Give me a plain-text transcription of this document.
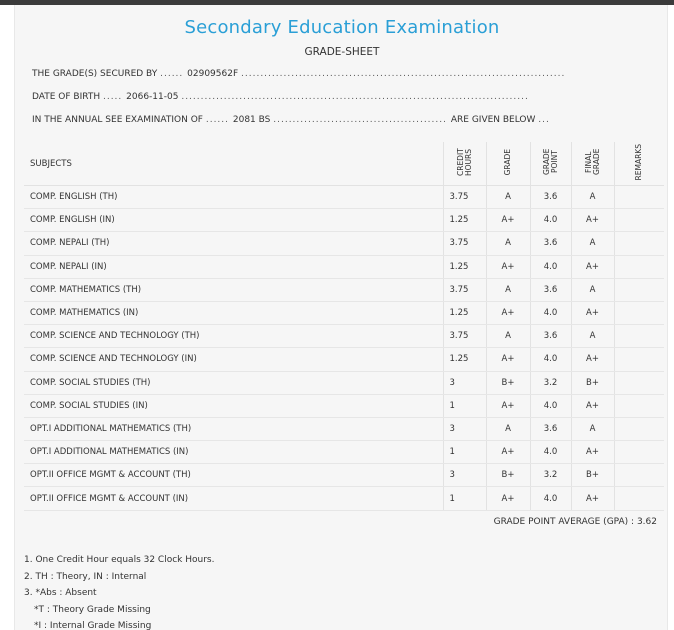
Secondary Education Examination
GRADE-SHEET
THE GRADE(S) SECURED BY ...... 02909562F ....................................................................................
DATE OF BIRTH ..... 2066-11-05 ..........................................................................................
IN THE ANNUAL SEE EXAMINATION OF ...... 2081 BS ............................................. ARE GIVEN BELOW ...
SUBJECTS	CREDIT HOURS	GRADE	GRADE POINT	FINAL GRADE	REMARKS
COMP. ENGLISH (TH)	3.75	A	3.6	A	
COMP. ENGLISH (IN)	1.25	A+	4.0	A+	
COMP. NEPALI (TH)	3.75	A	3.6	A	
COMP. NEPALI (IN)	1.25	A+	4.0	A+	
COMP. MATHEMATICS (TH)	3.75	A	3.6	A	
COMP. MATHEMATICS (IN)	1.25	A+	4.0	A+	
COMP. SCIENCE AND TECHNOLOGY (TH)	3.75	A	3.6	A	
COMP. SCIENCE AND TECHNOLOGY (IN)	1.25	A+	4.0	A+	
COMP. SOCIAL STUDIES (TH)	3	B+	3.2	B+	
COMP. SOCIAL STUDIES (IN)	1	A+	4.0	A+	
OPT.I ADDITIONAL MATHEMATICS (TH)	3	A	3.6	A	
OPT.I ADDITIONAL MATHEMATICS (IN)	1	A+	4.0	A+	
OPT.II OFFICE MGMT & ACCOUNT (TH)	3	B+	3.2	B+	
OPT.II OFFICE MGMT & ACCOUNT (IN)	1	A+	4.0	A+	
GRADE POINT AVERAGE (GPA) : 3.62
1. One Credit Hour equals 32 Clock Hours.
2. TH : Theory, IN : Internal
3. *Abs : Absent
*T : Theory Grade Missing
*I : Internal Grade Missing
